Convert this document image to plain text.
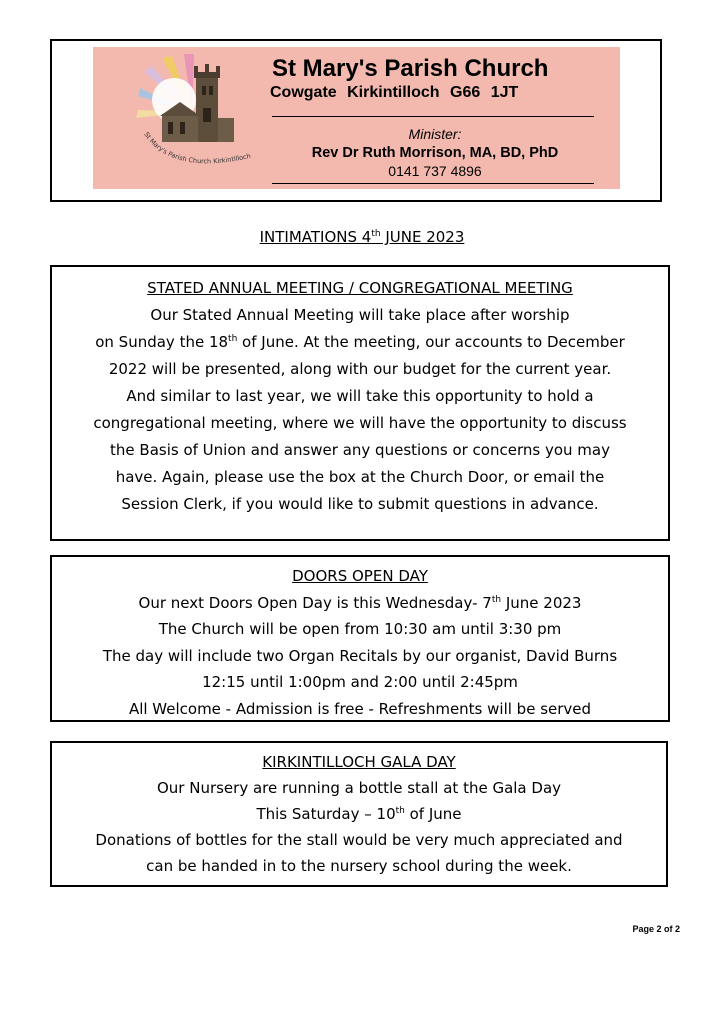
St Mary's Parish Church Kirkintilloch
St Mary's Parish Church
Cowgate Kirkintilloch G66 1JT
Minister:
Rev Dr Ruth Morrison, MA, BD, PhD
0141 737 4896
INTIMATIONS 4th JUNE 2023
STATED ANNUAL MEETING / CONGREGATIONAL MEETING
Our Stated Annual Meeting will take place after worship
on Sunday the 18th of June. At the meeting, our accounts to December
2022 will be presented, along with our budget for the current year.
And similar to last year, we will take this opportunity to hold a
congregational meeting, where we will have the opportunity to discuss
the Basis of Union and answer any questions or concerns you may
have. Again, please use the box at the Church Door, or email the
Session Clerk, if you would like to submit questions in advance.
DOORS OPEN DAY
Our next Doors Open Day is this Wednesday- 7th June 2023
The Church will be open from 10:30 am until 3:30 pm
The day will include two Organ Recitals by our organist, David Burns
12:15 until 1:00pm and 2:00 until 2:45pm
All Welcome - Admission is free - Refreshments will be served
KIRKINTILLOCH GALA DAY
Our Nursery are running a bottle stall at the Gala Day
This Saturday – 10th of June
Donations of bottles for the stall would be very much appreciated and
can be handed in to the nursery school during the week.
Page 2 of 2
